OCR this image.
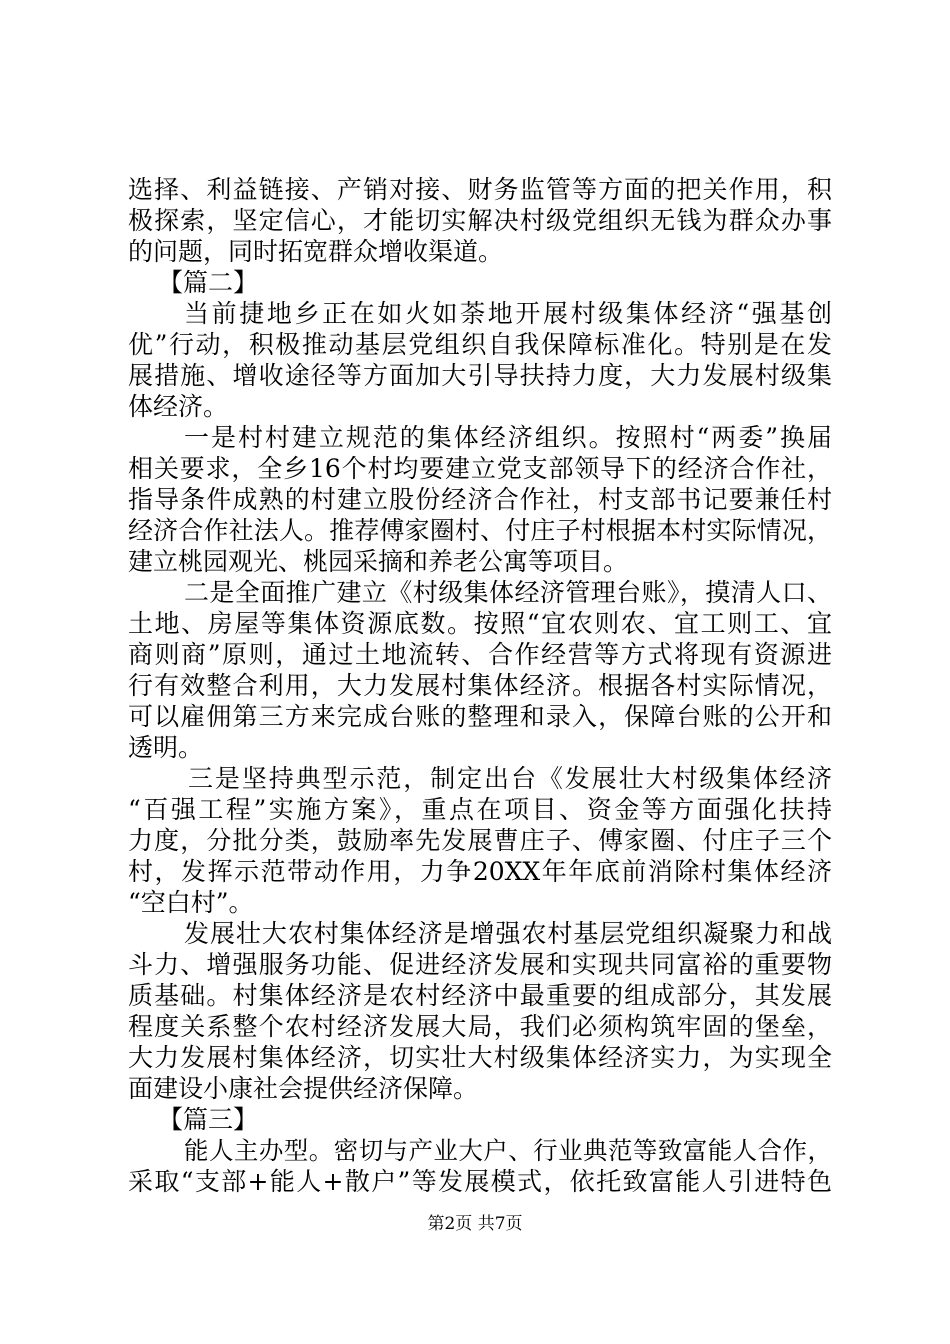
选择、利益链接、产销对接、财务监管等方面的把关作用，积
极探索，坚定信心，才能切实解决村级党组织无钱为群众办事
的问题，同时拓宽群众增收渠道。
【篇二】
当前捷地乡正在如火如荼地开展村级集体经济“强基创
优”行动，积极推动基层党组织自我保障标准化。特别是在发
展措施、增收途径等方面加大引导扶持力度，大力发展村级集
体经济。
一是村村建立规范的集体经济组织。按照村“两委”换届
相关要求，全乡16个村均要建立党支部领导下的经济合作社，
指导条件成熟的村建立股份经济合作社，村支部书记要兼任村
经济合作社法人。推荐傅家圈村、付庄子村根据本村实际情况，
建立桃园观光、桃园采摘和养老公寓等项目。
二是全面推广建立《村级集体经济管理台账》，摸清人口、
土地、房屋等集体资源底数。按照“宜农则农、宜工则工、宜
商则商”原则，通过土地流转、合作经营等方式将现有资源进
行有效整合利用，大力发展村集体经济。根据各村实际情况，
可以雇佣第三方来完成台账的整理和录入，保障台账的公开和
透明。
三是坚持典型示范，制定出台《发展壮大村级集体经济
“百强工程”实施方案》，重点在项目、资金等方面强化扶持
力度，分批分类，鼓励率先发展曹庄子、傅家圈、付庄子三个
村，发挥示范带动作用，力争20XX年年底前消除村集体经济
“空白村”。
发展壮大农村集体经济是增强农村基层党组织凝聚力和战
斗力、增强服务功能、促进经济发展和实现共同富裕的重要物
质基础。村集体经济是农村经济中最重要的组成部分，其发展
程度关系整个农村经济发展大局，我们必须构筑牢固的堡垒，
大力发展村集体经济，切实壮大村级集体经济实力，为实现全
面建设小康社会提供经济保障。
【篇三】
能人主办型。密切与产业大户、行业典范等致富能人合作，
采取“支部+能人+散户”等发展模式，依托致富能人引进特色
第2页 共7页
